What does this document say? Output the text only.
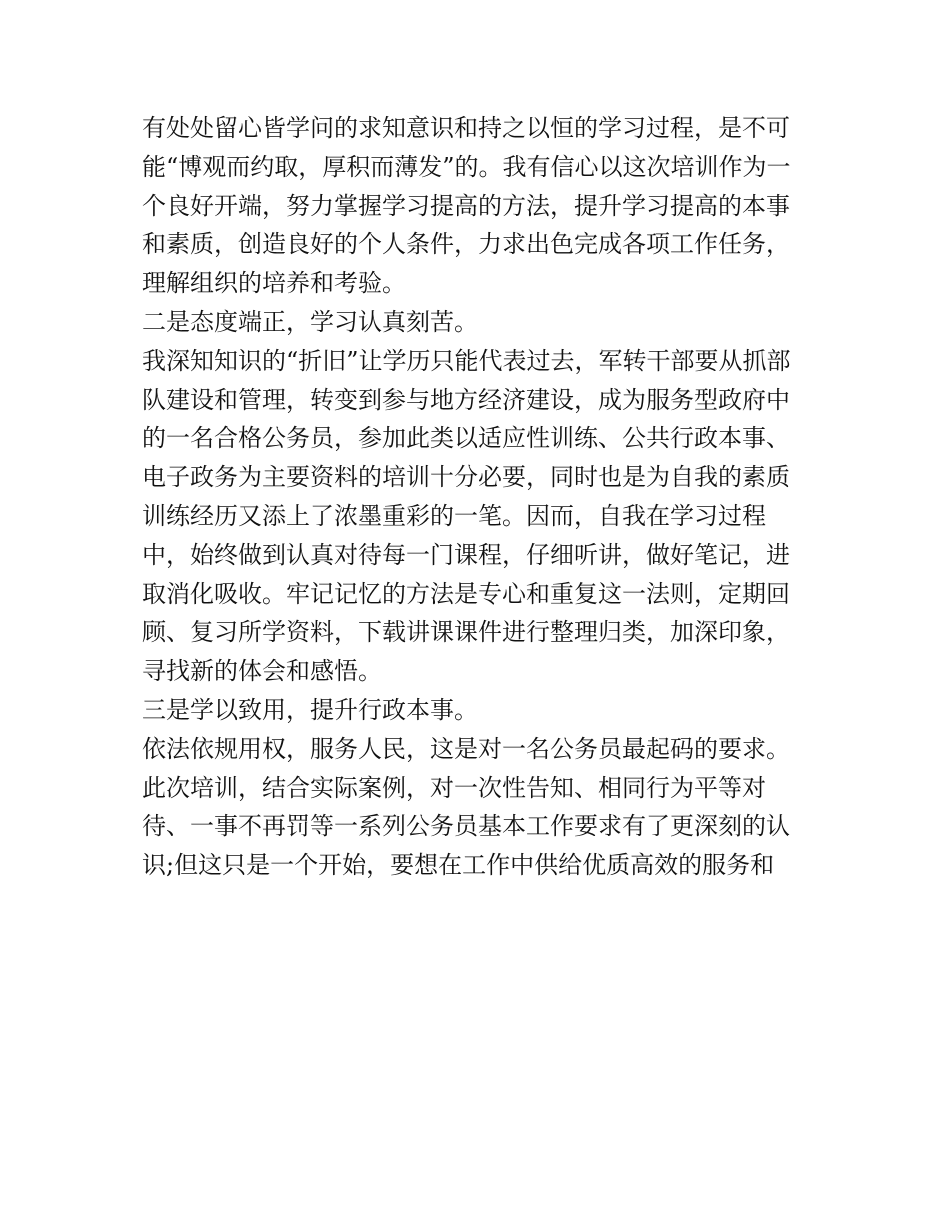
有处处留心皆学问的求知意识和持之以恒的学习过程，是不可
能“博观而约取，厚积而薄发”的。我有信心以这次培训作为一
个良好开端，努力掌握学习提高的方法，提升学习提高的本事
和素质，创造良好的个人条件，力求出色完成各项工作任务，
理解组织的培养和考验。
二是态度端正，学习认真刻苦。
我深知知识的“折旧”让学历只能代表过去，军转干部要从抓部
队建设和管理，转变到参与地方经济建设，成为服务型政府中
的一名合格公务员，参加此类以适应性训练、公共行政本事、
电子政务为主要资料的培训十分必要，同时也是为自我的素质
训练经历又添上了浓墨重彩的一笔。因而，自我在学习过程
中，始终做到认真对待每一门课程，仔细听讲，做好笔记，进
取消化吸收。牢记记忆的方法是专心和重复这一法则，定期回
顾、复习所学资料，下载讲课课件进行整理归类，加深印象，
寻找新的体会和感悟。
三是学以致用，提升行政本事。
依法依规用权，服务人民，这是对一名公务员最起码的要求。
此次培训，结合实际案例，对一次性告知、相同行为平等对
待、一事不再罚等一系列公务员基本工作要求有了更深刻的认
识;但这只是一个开始，要想在工作中供给优质高效的服务和
